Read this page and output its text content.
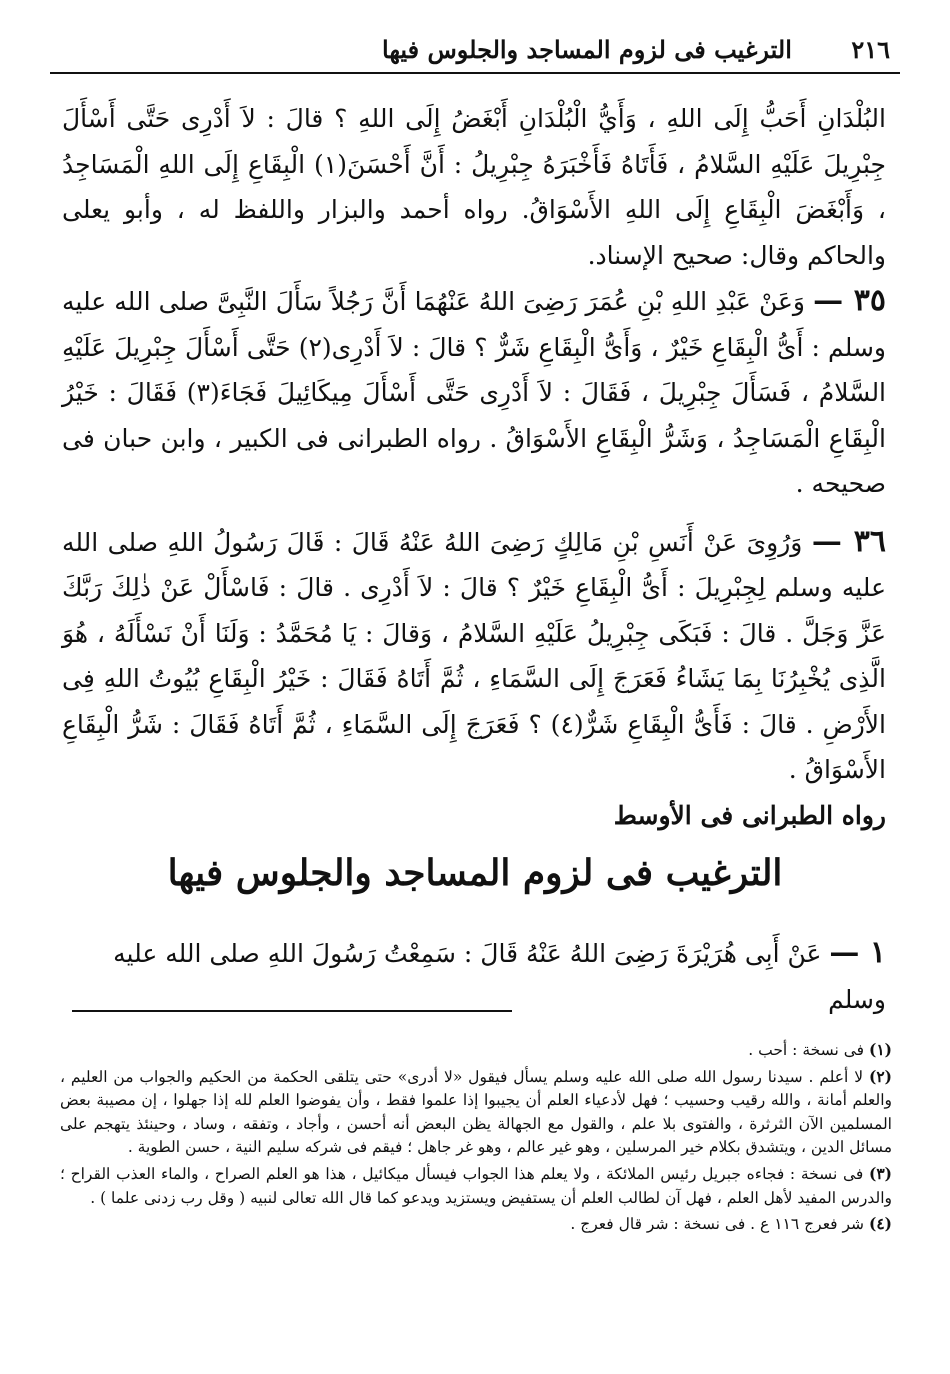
٢١٦
الترغيب فى لزوم المساجد والجلوس فيها

البُلْدَانِ أَحَبُّ إِلَى اللهِ ، وَأَيُّ الْبُلْدَانِ أَبْغَضُ إِلَى اللهِ ؟ قالَ : لاَ أَدْرِى حَتَّى أَسْأَلَ جِبْرِيلَ عَلَيْهِ السَّلامُ ، فَأَتَاهُ فَأَخْبَرَهُ جِبْرِيلُ : أَنَّ أَحْسَنَ(١) الْبِقَاعِ إِلَى اللهِ الْمَسَاجِدُ ، وَأَبْغَضَ الْبِقَاعِ إِلَى اللهِ الأَسْوَاقُ. رواه أحمد والبزار واللفظ له ، وأبو يعلى والحاكم وقال: صحيح الإسناد.

٣٥ — وَعَنْ عَبْدِ اللهِ بْنِ عُمَرَ رَضِىَ اللهُ عَنْهُمَا أَنَّ رَجُلاً سَأَلَ النَّبِىَّ صلى الله عليه وسلم : أَىُّ الْبِقَاعِ خَيْرٌ ، وَأَىُّ الْبِقَاعِ شَرٌّ ؟ قالَ : لاَ أَدْرِى(٢) حَتَّى أَسْأَلَ جِبْرِيلَ عَلَيْهِ السَّلامُ ، فَسَأَلَ جِبْرِيلَ ، فَقَالَ : لاَ أَدْرِى حَتَّى أَسْأَلَ مِيكَائِيلَ فَجَاءَ(٣) فَقَالَ : خَيْرُ الْبِقَاعِ الْمَسَاجِدُ ، وَشَرُّ الْبِقَاعِ الأَسْوَاقُ . رواه الطبرانى فى الكبير ، وابن حبان فى صحيحه .

٣٦ — وَرُوِىَ عَنْ أَنَسِ بْنِ مَالِكٍ رَضِىَ اللهُ عَنْهُ قَالَ : قَالَ رَسُولُ اللهِ صلى الله عليه وسلم لِجِبْرِيلَ : أَىُّ الْبِقَاعِ خَيْرٌ ؟ قالَ : لاَ أَدْرِى . قالَ : فَاسْأَلْ عَنْ ذٰلِكَ رَبَّكَ عَزَّ وَجَلَّ . قالَ : فَبَكَى جِبْرِيلُ عَلَيْهِ السَّلامُ ، وَقالَ : يَا مُحَمَّدُ : وَلَنَا أَنْ نَسْأَلَهُ ، هُوَ الَّذِى يُخْبِرُنَا بِمَا يَشَاءُ فَعَرَجَ إِلَى السَّمَاءِ ، ثُمَّ أَتَاهُ فَقَالَ : خَيْرُ الْبِقَاعِ بُيُوتُ اللهِ فِى الأَرْضِ . قالَ : فَأَىُّ الْبِقَاعِ شَرٌّ(٤) ؟ فَعَرَجَ إِلَى السَّمَاءِ ، ثُمَّ أَتَاهُ فَقَالَ : شَرُّ الْبِقَاعِ الأَسْوَاقُ .

رواه الطبرانى فى الأوسط

الترغيب فى لزوم المساجد والجلوس فيها
١ — عَنْ أَبِى هُرَيْرَةَ رَضِىَ اللهُ عَنْهُ قَالَ : سَمِعْتُ رَسُولَ اللهِ صلى الله عليه وسلم

(١) فى نسخة : أحب .

(٢) لا أعلم . سيدنا رسول الله صلى الله عليه وسلم يسأل فيقول «لا أدرى» حتى يتلقى الحكمة من الحكيم والجواب من العليم ، والعلم أمانة ، والله رقيب وحسيب ؛ فهل لأدعياء العلم أن يجيبوا إذا علموا فقط ، وأن يفوضوا العلم لله إذا جهلوا ، إن مصيبة بعض المسلمين الآن الثرثرة ، والفتوى بلا علم ، والقول مع الجهالة يظن البعض أنه أحسن ، وأجاد ، وتفقه ، وساد ، وحينئذ يتهجم على مسائل الدين ، ويتشدق بكلام خير المرسلين ، وهو غير عالم ، وهو غر جاهل ؛ فيقم فى شركه سليم النية ، حسن الطوية .

(٣) فى نسخة : فجاءه جبريل رئيس الملائكة ، ولا يعلم هذا الجواب فيسأل ميكائيل ، هذا هو العلم الصراح ، والماء العذب القراح ؛ والدرس المفيد لأهل العلم ، فهل آن لطالب العلم أن يستفيض ويستزيد ويدعو كما قال الله تعالى لنبيه ( وقل رب زدنى علما ) .

(٤) شر فعرج ١١٦ ع . فى نسخة : شر قال فعرج .
